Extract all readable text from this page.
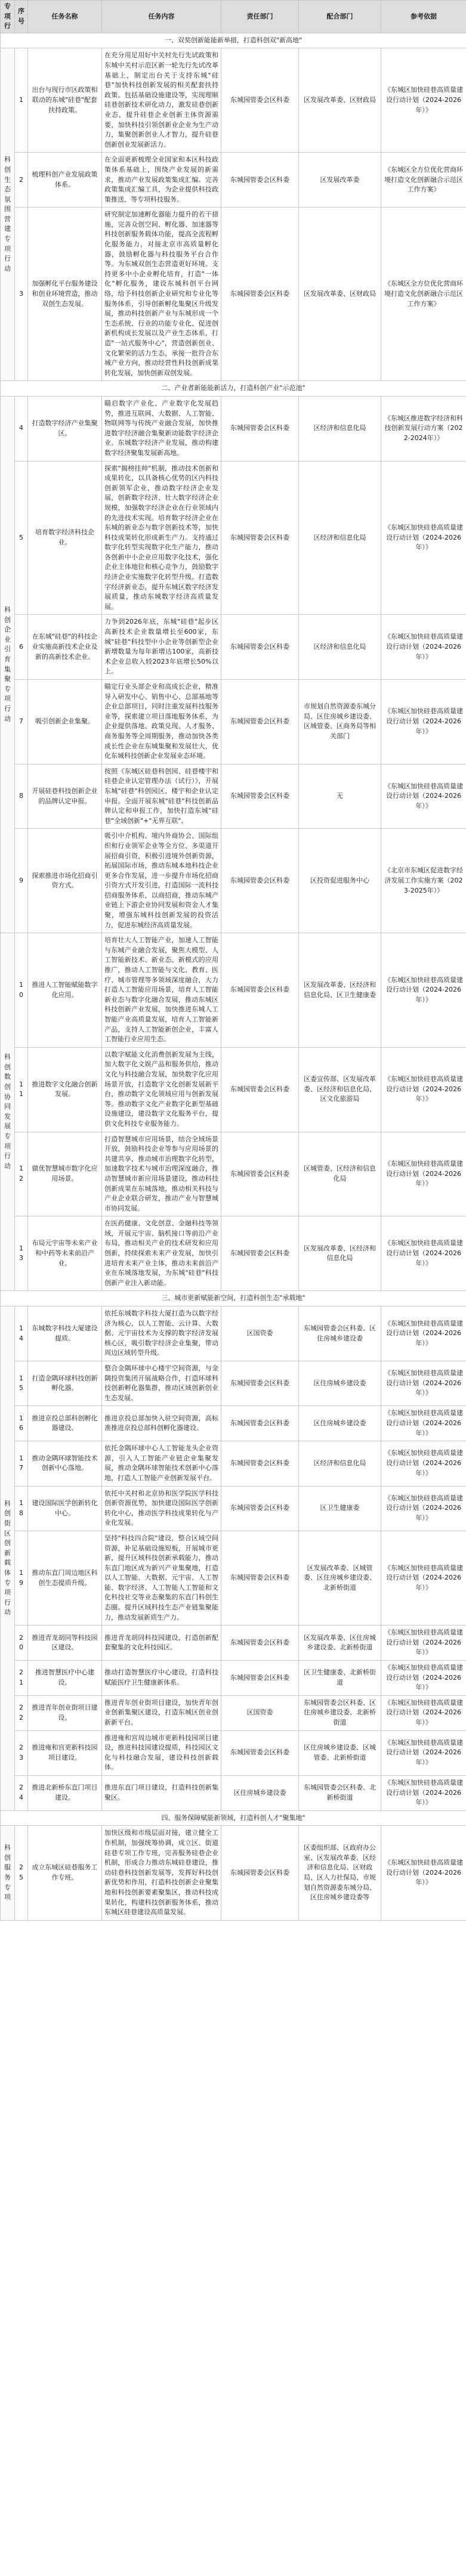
专项行	序号	任务名称	任务内容	责任部门	配合部门	参考依据
一、双奖创新能能新举措，打造科创双"新高地"						
科创生态氛围营建专项行动	1	出台与现行市区政策相联动的东城"硅巷"配套扶持政策。	在充分用足用好中关村先行先试政策和东城中关村示范区新一轮先行先试改革基础上，制定出台关于支持东城"硅巷"加快科技创新发展的相关配套扶持政策。包括基础设施建设等，实现理顺硅巷创新技术研化动力，激发硅巷创新业态，提升硅巷企业创新主体资源需要，加快科技引领创新业企业为生产动力，集聚创新创业人才智力，提升硅巷创新创业发展新活力。	东城园管委会区科委	区发展改革委、区财政局	《东城区加快硅巷高质量建设行动计划（2024-2026年）》
	2	梳理科创产业发展政策体系。	在全面更新梳理全业国家和本区科技政策体系基础上，围绕产业发展的新需求，推动产业发展政策集成汇编。完善政策集成汇编工具，为企业提供科技政策推送、等专项科技服务。	东城园管委会区科委	区发展改革委	《东城区全方位优化营商环境打造文化创新融合示范区工作方案》
	3	加强孵化平台服务建设和创业环境营造，推动双创生态发展。	研究制定加速孵化器能力提升的若干措施，完善众创空间、孵化器、加速器等科技创新服务载体功能，提高全流程孵化服务能力，对接北京市高质量孵化器，鼓励孵化器与科技服务平台合作等。为东城双创生态营造更好环境。支持更多中小企业孵化培育，打造"一体化"孵化服务，建设东城科创平台网络，给予科技创新企业研究和专业化等服务体系，引导创新孵化集聚区升级发展，推动科技创新产业与东城形成一个生态系统、行业的功能专业化、促进创新机构成长发展以及产业生态体系，打造"一站式服务中心"，营造创新创业、文化繁荣的活力生态，承接一批符合东城产业方向，推动经营性科技创新成果转化发展，加快创新双创发展。	东城园管委会区科委	区发展改革委、区财政局	《东城区全方位优化营商环境打造文化创新融合示范区工作方案》
二、产业者新能能新活力，打造科创产业"示范池"						
科创企业引育集聚专项行动	4	打造数字经济产业集聚区。	瞄启数字产业化、产业数字化发展趋势，推进互联网、大数据、人工智能、物联网等与传统产业融合发展，加快推进数字经济融合集聚新动能数字经济企业。东城数字经济产业发展，推动构建数字经济聚集发展新高地。	东城园管委会区科委	区经济和信息化局	《东城区推进数字经济和科技创新发展行动方案（2022-2024年）》
	5	培育数字经济科技企业。	探索"揭榜挂帅"机制，推动技术创新和成果转化，以具备核心优势的区内科技创新领军企业，推动数字经济企业发展，创新数字经济、壮大数字经济企业规模，加强数字经济企业在行业领域内的先进技术实现。培育数字经济企业在东城的新业态与数字创新技术等，加快科技成果转化形成新生产力。支持通过数字化转型实现数字化生产能力，推动各创新中小企业应用数字化技术，强化企业主体地位和核心竞争力，鼓励数字经济企业实施数字化转型升级。打造数字经济新业态，提升东城区数字经济发展质量，推动东城数字经济高质量发展。	东城园管委会区科委	区经济和信息化局	《东城区加快硅巷高质量建设行动计划（2024-2026年）》
	6	在东城"硅巷"的科技企业实施高新技术企业及新的高新技术企业。	力争到2026年底，东城"硅巷"起步区高新技术企业数量增长至600家，东城"硅巷"科技型中小企业等创新型企业新增数量为每年新增达100家，高新技术企业总收入较2023年底增长50%以上。	东城园管委会区科委	区经济和信息化局	《东城区加快硅巷高质量建设行动计划（2024-2026年）》
	7	吸引创新企业集聚。	瞄定行业头部企业和高成长企业，精准导入研发中心、销售中心、总部基地等企业总部项目，同时注重发展科技服务业等，探索建立项目落地服务体系，为企业提供落地、政策兑现、人才服务、商务服务等全周期服务，推动加快各类成长性企业在东城集聚和发展壮大，优化东城科技创新企业发展业态环境。	东城园管委会区科委	市规划自然资源委东城分局、区住房城乡建设委、区城管委、区商务局等相关部门	《东城区加快硅巷高质量建设行动计划（2024-2026年）》
	8	开展硅巷科技创新企业的品牌认定申报。	按照《东城区硅巷科创园、硅巷楼宇和硅巷企业认定管理办法（试行）》，开展东城"硅巷"科创园区、楼宇和企业认定申报。全面开展东城"硅巷"科技创新品牌认定和申报工作，加快打造东城"硅巷"全域创新"+"无界互联"。	东城园管委会区科委	无	《东城区加快硅巷高质量建设行动计划（2024-2026年）》
	9	探索推进市场化招商引资方式。	吸引中介机构、境内外商协会、国际组织和行业领军企业等全方位、多渠道开展招商引资，积极引进境外创新资源，拓展国际市场，推动东城本地科技企业更多合作发展，进一步提升市场化招商引资方式开发引进，打造国际一流科技招商服务体系，以商招商，推动东城产业链上下游企业协同发展和资金人才集聚，增强东城科技创新发展的投资活力，促进东城经济高质量发展。	东城园管委会区科委	区投资促进服务中心	《北京市东城区促进数字经济发展工作实施方案（2023-2025年）》
科创数创协同发展专项行动	10	推进人工智能赋能数字化应用。	培育壮大人工智能产业，加速人工智能与东城产业融合发展，聚焦大模型、人工智能新技术、新业态、新模式的应用推广，推动人工智能与文化、教育、医疗、城市管理等多领域深度融合，大力打造人工智能应用场景，培育人工智能新业态与数字化融合发展，推动东城区科技创新产业发展，加快推进东城人工智能产业高质量发展，培育人工智能新产品，支持人工智能新创企业，丰富人工智能行业应用生态。	东城园管委会区科委	区发展改革委、区经济和信息化局、区卫生健康委	《东城区加快硅巷高质量建设行动计划（2024-2026年）》
	11	推进数字文化融合创新发展。	以数字赋能文化消费创新发展为主线，加大数字化文娱产品和服务供给，推动文化与科技融合发展，加快数字化应用场景开放，打造数字文化创新发展新平台，推动数字文化领域应用与创新发展等。推动数字文化产业数字化新型基础设施建设，建设数字文化服务平台，提供文化科技专业服务能力。	东城园管委会区科委	区委宣传部、区发展改革委、区经济和信息化局、区文化旅游局	《东城区加快硅巷高质量建设行动计划（2024-2026年）》
	12	做优智慧城市数字化应用场景。	打造智慧城市应用场景，结合全域场景开放，鼓励科技企业等参与应用场景的共建共享，推动城市治理数字化转型，加速数字技术与城市治理深度融合，推动智慧城市新应用场景建设，推动科技创新成果在东城落地，推动相关科技与产业企业联合研发，推动产业与智慧城市协同发展。	东城园管委会区科委	区城管委、区经济和信息化局	《东城区加快硅巷高质量建设行动计划（2024-2026年）》
	13	布局元宇宙等未来产业和中药等未来前沿产业。	在医药健康、文化创意、金融科技等领域，开展元宇宙、脑机接口等前沿产业布局，推动相关产业的技术研发和应用创新，持续探索未来产业发展，加快引进培育未来产业主体，推动未来前沿产业在东城落地发展，为东城"硅巷"科技创新产业注入新动能。	东城园管委会区科委	区发展改革委、区经济和信息化局	《东城区加快硅巷高质量建设行动计划（2024-2026年）》
三、城市更新赋能新空间，打造科创生态"承载地"						
科创街区创新载体专项行动	14	东城数字科技大厦建设提质。	依托东城数字科技大厦打造为以数字经济为核心，以人工智能、云计算、大数据、元宇宙技术为支撑的数字经济发展核心区，吸引数字经济企业集聚，带动周边区域转型升级。	区国资委	东城园管委会区科委、区住房城乡建设委	《东城区加快硅巷高质量建设行动计划（2024-2026年）》
	15	打造金隅环球科技创新孵化器。	整合金隅环球中心楼宇空间资源，与金隅投资集团开展战略合作，打造环球科技创新孵化器集群，推动区域创新创业生态发展。	东城园管委会区科委	区住房城乡建设委	《东城区加快硅巷高质量建设行动计划（2024-2026年）》
	16	推进京投总部科创孵化器建设。	推进京投总部加快入驻空间资源，高标准推进京投总部科创孵化器建设。	东城园管委会区科委	区住房城乡建设委	《东城区加快硅巷高质量建设行动计划（2024-2026年）》
	17	推动金隅环球智能技术创新中心落地。	依托金隅环球中心人工智能龙头企业资源，引入人工智能产业链企业集聚发展，推动金隅环球智能技术创新中心落地，打造人工智能产业创新发展平台。	东城园管委会区科委	区经济和信息化局	《东城区加快硅巷高质量建设行动计划（2024-2026年）》
	18	建设国际医学创新转化中心。	依托中关村和北京协和医学院医学科技创新资源优势，加快建设国际医学创新转化中心，推动医学科技成果转化与产业化发展。	东城园管委会区科委	区卫生健康委	《东城区加快硅巷高质量建设行动计划（2024-2026年）》
	19	推动东直门周边地区科创生态提质升级。	坚持"科技四合院"建设，整合区域空间资源，补足基础设施短板，开展城市更新，提升区域科技创新承载能力，推动东直门地区成为新兴产业集聚地，打造以人工智能、大数据、元宇宙、人工智能、数字经济、人工智能人工智能和文化科技社交等业态聚集的东直门科创生态圈。提升区域科技生态产业链集聚能力，推动发展新质生产力。	东城园管委会区科委	区发展改革委、区城管委、区住房城乡建设委、北新桥街道	《东城区加快硅巷高质量建设行动计划（2024-2026年）》
	20	推进青龙胡同等科技园区建设。	推进青龙胡同科技园建设，打造创新配套聚集的文化科技园区。	东城园管委会区科委	区发展改革委、区住房城乡建设委、北新桥街道	《东城区加快硅巷高质量建设行动计划（2024-2026年）》
	21	推进智慧医疗中心建设。	推动打造智慧医疗中心建设，打造科技赋能医疗卫生健康新体系。	东城园管委会区科委	区卫生健康委、北新桥街道	《东城区加快硅巷高质量建设行动计划（2024-2026年）》
	22	推进青年创业街项目建设。	推进青年创业街项目建设，加快青年创业创新集聚区建设，打造东城区创业创新新平台。	区国资委	东城园管委会区科委、区住房城乡建设委、北新桥街道	《东城区加快硅巷高质量建设行动计划（2024-2026年）》
	23	推进雍和宫更新科技园项目建设。	推进雍和宫周边城市更新科技园项目建设，推进科技园建设提质，科技园区文化与科技融合发展，建设科技创新载体。	东城园管委会区科委	区住房城乡建设委、区城管委、北新桥街道	《东城区加快硅巷高质量建设行动计划（2024-2026年）》
	24	推进北新桥东直门项目建设。	推进东直门项目建设，打造科技创新集聚区。	区住房城乡建设委	东城园管委会区科委、北新桥街道	《东城区加快硅巷高质量建设行动计划（2024-2026年）》
四、服务保障赋能新领域，打造科创人才"聚集地"						
科创服务专项	25	成立东城区硅巷服务工作专班。	加快区级和市级层面对接，建立健全工作机制，加强统筹协调，成立区、街道硅巷专项工作专班，完善服务硅巷企业机制，形成合力推动东城硅巷建设，推动硅巷科技创新发展等，发挥好科技创新优势和作用，打造科技创新企业聚集地和科技创新要素聚集区，推动科技成果转化，构建科技创新服务体系，推动东城区硅巷建设高质量发展。	东城园管委会区科委	区委组织部、区政府办公室、区发展改革委、区经济和信息化局、区财政局、区人力社保局、市规划自然资源委东城分局、区住房城乡建设委等	《东城区加快硅巷高质量建设行动计划（2024-2026年）》
